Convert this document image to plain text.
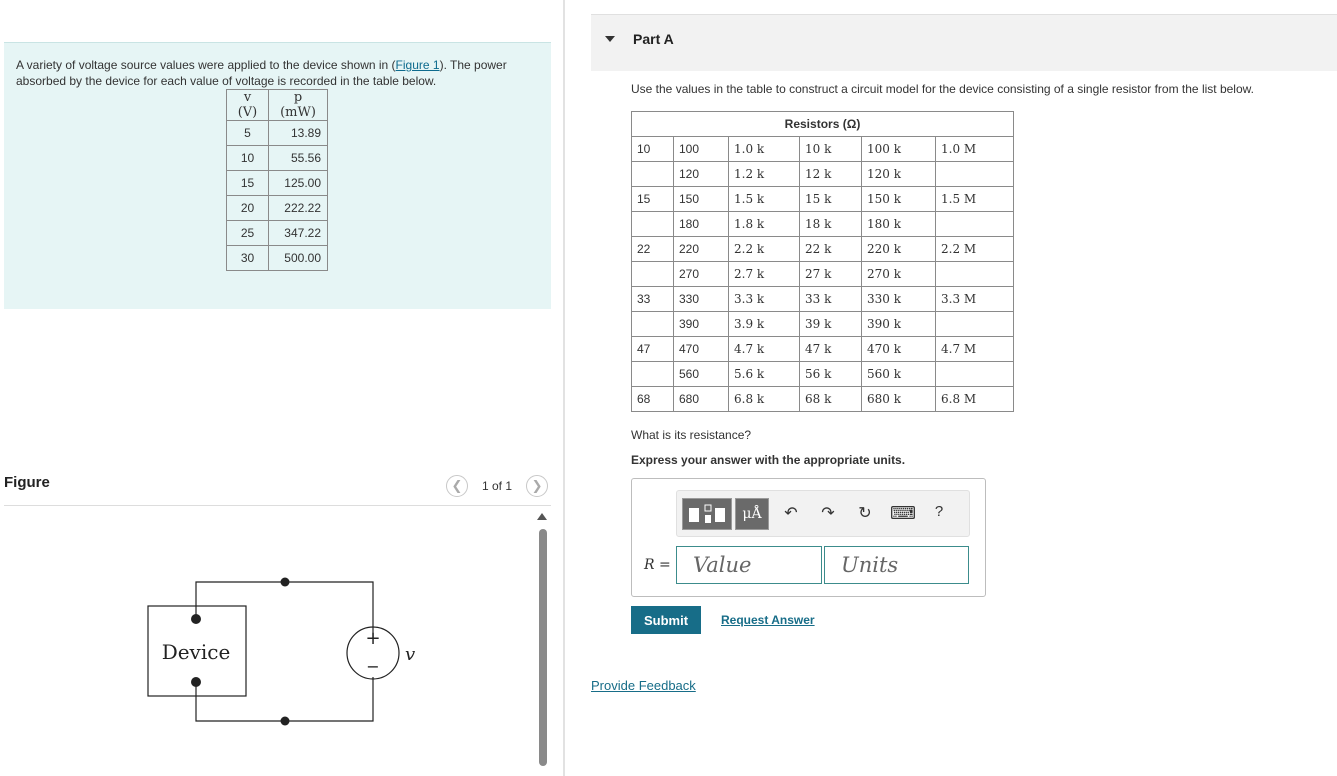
A variety of voltage source values were applied to the device shown in (Figure 1). The power absorbed by the device for each value of voltage is recorded in the table below.
v (V)	p (mW)
5	13.89
10	55.56
15	125.00
20	222.22
25	347.22
30	500.00
Figure	❮ 1 of 1 ❯
Device
+
−
v
Part A
Use the values in the table to construct a circuit model for the device consisting of a single resistor from the list below.
Resistors (Ω)					
10	100	1.0 k	10 k	100 k	1.0 M
	120	1.2 k	12 k	120 k	
15	150	1.5 k	15 k	150 k	1.5 M
	180	1.8 k	18 k	180 k	
22	220	2.2 k	22 k	220 k	2.2 M
	270	2.7 k	27 k	270 k	
33	330	3.3 k	33 k	330 k	3.3 M
	390	3.9 k	39 k	390 k	
47	470	4.7 k	47 k	470 k	4.7 M
	560	5.6 k	56 k	560 k	
68	680	6.8 k	68 k	680 k	6.8 M
What is its resistance?
Express your answer with the appropriate units.
μÅ	↶	↷	↻ ⌨	?
R =
Value
Units
Submit	Request Answer
Provide Feedback
